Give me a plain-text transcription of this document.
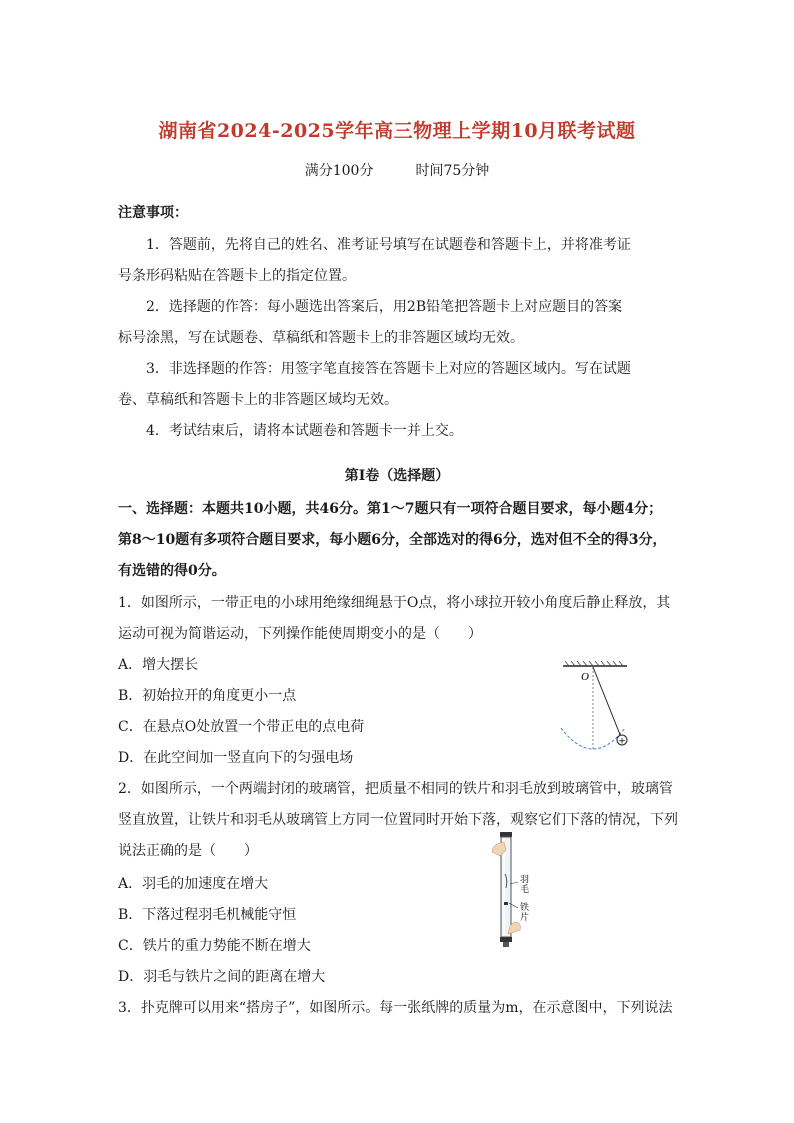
湖南省2024-2025学年高三物理上学期10月联考试题
满分100分	时间75分钟
注意事项：
1．答题前，先将自己的姓名、准考证号填写在试题卷和答题卡上，并将准考证
号条形码粘贴在答题卡上的指定位置。
2．选择题的作答：每小题选出答案后，用2B铅笔把答题卡上对应题目的答案
标号涂黑，写在试题卷、草稿纸和答题卡上的非答题区域均无效。
3．非选择题的作答：用签字笔直接答在答题卡上对应的答题区域内。写在试题
卷、草稿纸和答题卡上的非答题区域均无效。
4．考试结束后，请将本试题卷和答题卡一并上交。
第Ⅰ卷（选择题）
一、选择题：本题共10小题，共46分。第1～7题只有一项符合题目要求，每小题4分；
第8～10题有多项符合题目要求，每小题6分，全部选对的得6分，选对但不全的得3分，
有选错的得0分。
1．如图所示，一带正电的小球用绝缘细绳悬于O点，将小球拉开较小角度后静止释放，其
运动可视为简谐运动，下列操作能使周期变小的是（　　）
A．增大摆长
B．初始拉开的角度更小一点
C．在悬点O处放置一个带正电的点电荷
D．在此空间加一竖直向下的匀强电场
O
+
2．如图所示，一个两端封闭的玻璃管，把质量不相同的铁片和羽毛放到玻璃管中，玻璃管
竖直放置，让铁片和羽毛从玻璃管上方同一位置同时开始下落，观察它们下落的情况，下列
说法正确的是（　　）
A．羽毛的加速度在增大
B．下落过程羽毛机械能守恒
C．铁片的重力势能不断在增大
D．羽毛与铁片之间的距离在增大
羽
毛
铁
片
3．扑克牌可以用来“搭房子”，如图所示。每一张纸牌的质量为m，在示意图中，下列说法
